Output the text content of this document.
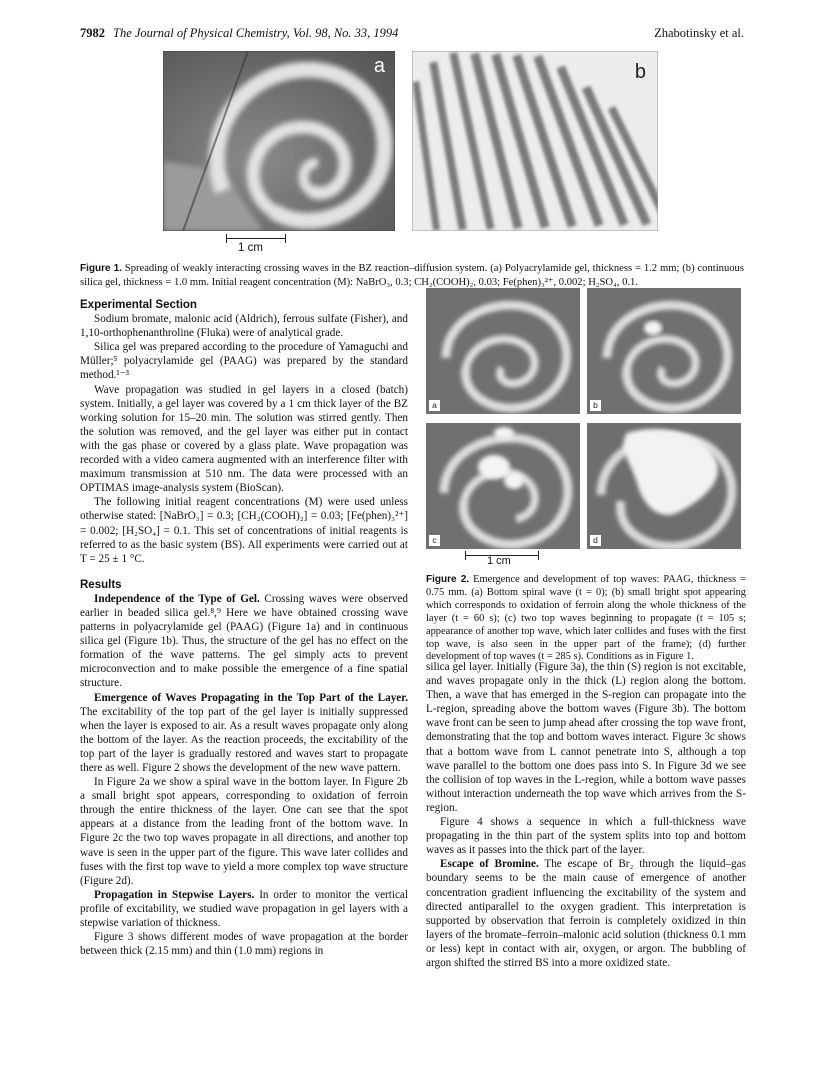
7982 The Journal of Physical Chemistry, Vol. 98, No. 33, 1994	Zhabotinsky et al.
a	b
1 cm
Figure 1. Spreading of weakly interacting crossing waves in the BZ reaction–diffusion system. (a) Polyacrylamide gel, thickness = 1.2 mm; (b) continuous silica gel, thickness = 1.0 mm. Initial reagent concentration (M): NaBrO₃, 0.3; CH₂(COOH)₂, 0.03; Fe(phen)₃²⁺, 0.002; H₂SO₄, 0.1.

Experimental Section

Sodium bromate, malonic acid (Aldrich), ferrous sulfate (Fisher), and 1,10-orthophenanthroline (Fluka) were of analytical grade.

Silica gel was prepared according to the procedure of Yamaguchi and Müller;⁵ polyacrylamide gel (PAAG) was prepared by the standard method.¹⁻³

Wave propagation was studied in gel layers in a closed (batch) system. Initially, a gel layer was covered by a 1 cm thick layer of the BZ working solution for 15–20 min. The solution was stirred gently. Then the solution was removed, and the gel layer was either put in contact with the gas phase or covered by a glass plate. Wave propagation was recorded with a video camera augmented with an interference filter with maximum transmission at 510 nm. The data were processed with an OPTIMAS image-analysis system (BioScan).

The following initial reagent concentrations (M) were used unless otherwise stated: [NaBrO₃] = 0.3; [CH₂(COOH)₂] = 0.03; [Fe(phen)₃²⁺] = 0.002; [H₂SO₄] = 0.1. This set of concentrations of initial reagents is referred to as the basic system (BS). All experiments were carried out at T = 25 ± 1 °C.

Results

Independence of the Type of Gel. Crossing waves were observed earlier in beaded silica gel.⁸,⁹ Here we have obtained crossing wave patterns in polyacrylamide gel (PAAG) (Figure 1a) and in continuous silica gel (Figure 1b). Thus, the structure of the gel has no effect on the formation of the wave patterns. The gel simply acts to prevent microconvection and to make possible the emergence of a fine spatial structure.

Emergence of Waves Propagating in the Top Part of the Layer. The excitability of the top part of the gel layer is initially suppressed when the layer is exposed to air. As a result waves propagate only along the bottom of the layer. As the reaction proceeds, the excitability of the top part of the layer is gradually restored and waves start to propagate there as well. Figure 2 shows the development of the new wave pattern.

In Figure 2a we show a spiral wave in the bottom layer. In Figure 2b a small bright spot appears, corresponding to oxidation of ferroin through the entire thickness of the layer. One can see that the spot appears at a distance from the leading front of the bottom wave. In Figure 2c the two top waves propagate in all directions, and another top wave is seen in the upper part of the figure. This wave later collides and fuses with the first top wave to yield a more complex top wave structure (Figure 2d).

Propagation in Stepwise Layers. In order to monitor the vertical profile of excitability, we studied wave propagation in gel layers with a stepwise variation of thickness.

Figure 3 shows different modes of wave propagation at the border between thick (2.15 mm) and thin (1.0 mm) regions in

a	b
c	d
1 cm
Figure 2. Emergence and development of top waves: PAAG, thickness = 0.75 mm. (a) Bottom spiral wave (t = 0); (b) small bright spot appearing which corresponds to oxidation of ferroin along the whole thickness of the layer (t = 60 s); (c) two top waves beginning to propagate (t = 105 s; appearance of another top wave, which later collides and fuses with the first top wave, is also seen in the upper part of the frame); (d) further development of top waves (t = 285 s). Conditions as in Figure 1.

silica gel layer. Initially (Figure 3a), the thin (S) region is not excitable, and waves propagate only in the thick (L) region along the bottom. Then, a wave that has emerged in the S-region can propagate into the L-region, spreading above the bottom waves (Figure 3b). The bottom wave front can be seen to jump ahead after crossing the top wave front, demonstrating that the top and bottom waves interact. Figure 3c shows that a bottom wave from L cannot penetrate into S, although a top wave parallel to the bottom one does pass into S. In Figure 3d we see the collision of top waves in the L-region, while a bottom wave passes without interaction underneath the top wave which arrives from the S-region.

Figure 4 shows a sequence in which a full-thickness wave propagating in the thin part of the system splits into top and bottom waves as it passes into the thick part of the layer.

Escape of Bromine. The escape of Br₂ through the liquid–gas boundary seems to be the main cause of emergence of another concentration gradient influencing the excitability of the system and directed antiparallel to the oxygen gradient. This interpretation is supported by observation that ferroin is completely oxidized in thin layers of the bromate–ferroin–malonic acid solution (thickness 0.1 mm or less) kept in contact with air, oxygen, or argon. The bubbling of argon shifted the stirred BS into a more oxidized state.
